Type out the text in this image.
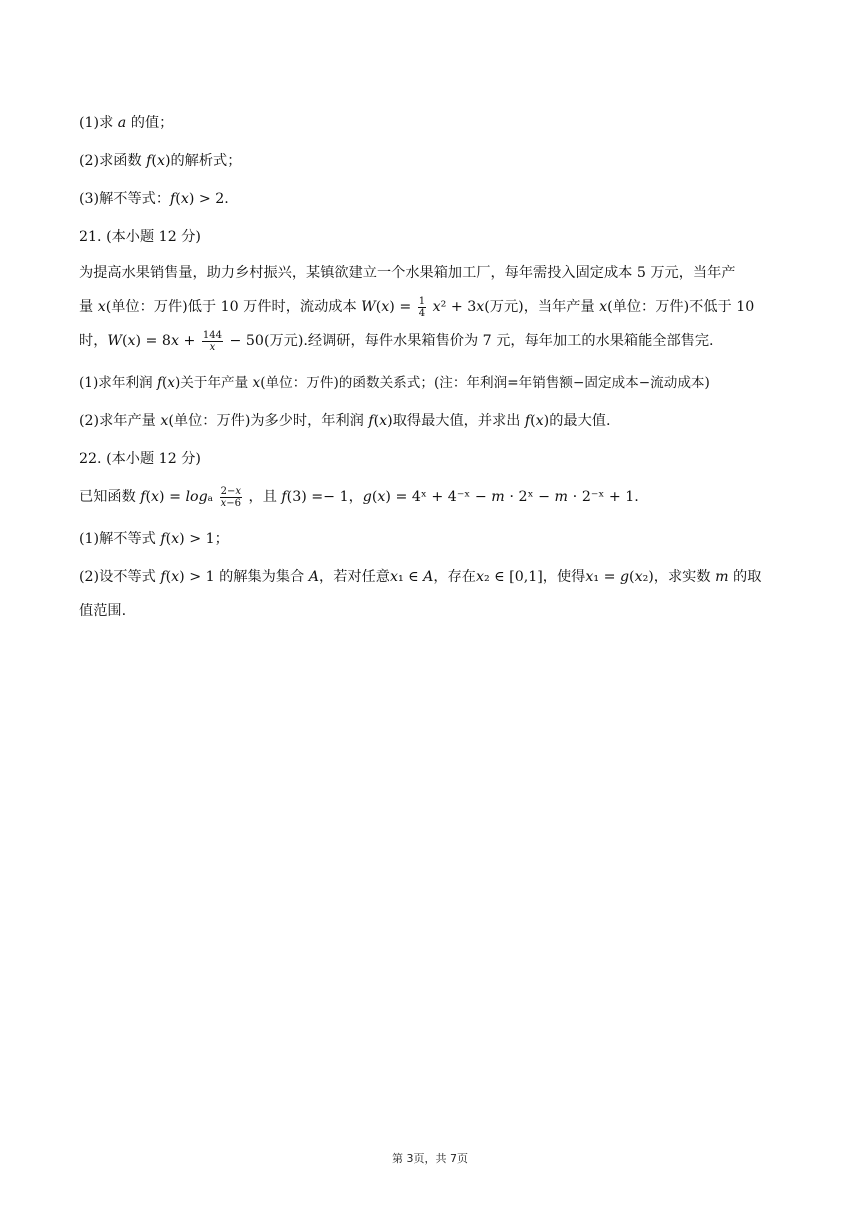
(1)求 𝑎 的值；

(2)求函数 𝑓(𝑥)的解析式；

(3)解不等式：𝑓(𝑥) > 2.

21. (本小题 12 分)

为提高水果销售量，助力乡村振兴，某镇欲建立一个水果箱加工厂，每年需投入固定成本 5 万元，当年产

量 𝑥(单位：万件)低于 10 万件时，流动成本 𝑊(𝑥) = $\frac{1}{4}$ 𝑥² + 3𝑥(万元)，当年产量 𝑥(单位：万件)不低于 10

时，𝑊(𝑥) = 8𝑥 + $\frac{144}{\text{𝑥}} - 50$(万元).经调研，每件水果箱售价为 7 元，每年加工的水果箱能全部售完.

(1)求年利润 𝑓(𝑥)关于年产量 𝑥(单位：万件)的函数关系式；(注：年利润=年销售额−固定成本−流动成本)

(2)求年产量 𝑥(单位：万件)为多少时，年利润 𝑓(𝑥)取得最大值，并求出 𝑓(𝑥)的最大值.

22. (本小题 12 分)

已知函数 𝑓(𝑥) = 𝑙𝑜𝑔ₐ $\frac{\text{2−𝑥}}{\text{𝑥−6}}$ ，且 𝑓(3) =− 1，𝑔(𝑥) = 4ˣ + 4⁻ˣ − 𝑚 ⋅ 2ˣ − 𝑚 ⋅ 2⁻ˣ + 1.

(1)解不等式 𝑓(𝑥) > 1；

(2)设不等式 𝑓(𝑥) > 1 的解集为集合 𝐴，若对任意𝑥₁ ∈ 𝐴，存在𝑥₂ ∈ [0,1]，使得𝑥₁ = 𝑔(𝑥₂)，求实数 𝑚 的取

值范围.

第 3页，共 7页
